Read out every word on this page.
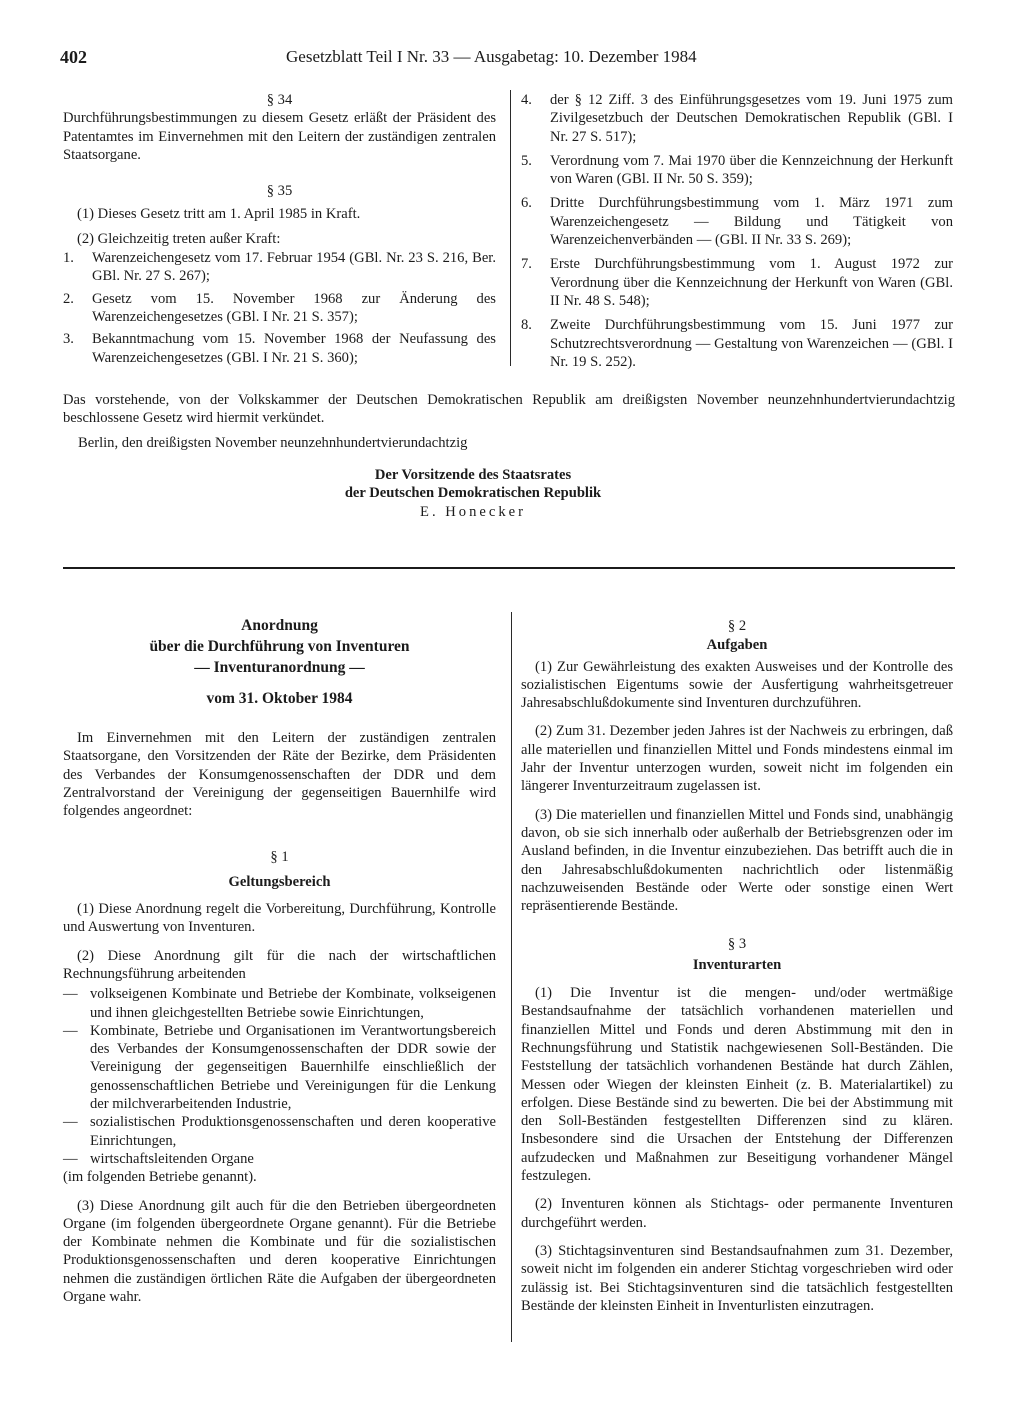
402	Gesetzblatt Teil I Nr. 33 — Ausgabetag: 10. Dezember 1984

§ 34

Durchführungsbestimmungen zu diesem Gesetz erläßt der Präsident des Patentamtes im Einvernehmen mit den Leitern der zuständigen zentralen Staatsorgane.

§ 35

(1) Dieses Gesetz tritt am 1. April 1985 in Kraft.

(2) Gleichzeitig treten außer Kraft:

1. Warenzeichengesetz vom 17. Februar 1954 (GBl. Nr. 23 S. 216, Ber. GBl. Nr. 27 S. 267);
2. Gesetz vom 15. November 1968 zur Änderung des Warenzeichengesetzes (GBl. I Nr. 21 S. 357);
3. Bekanntmachung vom 15. November 1968 der Neufassung des Warenzeichengesetzes (GBl. I Nr. 21 S. 360);
4. der § 12 Ziff. 3 des Einführungsgesetzes vom 19. Juni 1975 zum Zivilgesetzbuch der Deutschen Demokratischen Republik (GBl. I Nr. 27 S. 517);
5. Verordnung vom 7. Mai 1970 über die Kennzeichnung der Herkunft von Waren (GBl. II Nr. 50 S. 359);
6. Dritte Durchführungsbestimmung vom 1. März 1971 zum Warenzeichengesetz — Bildung und Tätigkeit von Warenzeichenverbänden — (GBl. II Nr. 33 S. 269);
7. Erste Durchführungsbestimmung vom 1. August 1972 zur Verordnung über die Kennzeichnung der Herkunft von Waren (GBl. II Nr. 48 S. 548);
8. Zweite Durchführungsbestimmung vom 15. Juni 1977 zur Schutzrechtsverordnung — Gestaltung von Warenzeichen — (GBl. I Nr. 19 S. 252).

Das vorstehende, von der Volkskammer der Deutschen Demokratischen Republik am dreißigsten November neunzehnhundertvierundachtzig beschlossene Gesetz wird hiermit verkündet.

Berlin, den dreißigsten November neunzehnhundertvierundachtzig

Der Vorsitzende des Staatsrates

der Deutschen Demokratischen Republik

E. Honecker

Anordnung

über die Durchführung von Inventuren

— Inventuranordnung —

vom 31. Oktober 1984

Im Einvernehmen mit den Leitern der zuständigen zentralen Staatsorgane, den Vorsitzenden der Räte der Bezirke, dem Präsidenten des Verbandes der Konsumgenossenschaften der DDR und dem Zentralvorstand der Vereinigung der gegenseitigen Bauernhilfe wird folgendes angeordnet:

§ 1

Geltungsbereich

(1) Diese Anordnung regelt die Vorbereitung, Durchführung, Kontrolle und Auswertung von Inventuren.

(2) Diese Anordnung gilt für die nach der wirtschaftlichen Rechnungsführung arbeitenden

— volkseigenen Kombinate und Betriebe der Kombinate, volkseigenen und ihnen gleichgestellten Betriebe sowie Einrichtungen,
— Kombinate, Betriebe und Organisationen im Verantwortungsbereich des Verbandes der Konsumgenossenschaften der DDR sowie der Vereinigung der gegenseitigen Bauernhilfe einschließlich der genossenschaftlichen Betriebe und Vereinigungen für die Lenkung der milchverarbeitenden Industrie,
— sozialistischen Produktionsgenossenschaften und deren kooperative Einrichtungen,
— wirtschaftsleitenden Organe

(im folgenden Betriebe genannt).

(3) Diese Anordnung gilt auch für die den Betrieben übergeordneten Organe (im folgenden übergeordnete Organe genannt). Für die Betriebe der Kombinate nehmen die Kombinate und für die sozialistischen Produktionsgenossenschaften und deren kooperative Einrichtungen nehmen die zuständigen örtlichen Räte die Aufgaben der übergeordneten Organe wahr.

§ 2

Aufgaben

(1) Zur Gewährleistung des exakten Ausweises und der Kontrolle des sozialistischen Eigentums sowie der Ausfertigung wahrheitsgetreuer Jahresabschlußdokumente sind Inventuren durchzuführen.

(2) Zum 31. Dezember jeden Jahres ist der Nachweis zu erbringen, daß alle materiellen und finanziellen Mittel und Fonds mindestens einmal im Jahr der Inventur unterzogen wurden, soweit nicht im folgenden ein längerer Inventurzeitraum zugelassen ist.

(3) Die materiellen und finanziellen Mittel und Fonds sind, unabhängig davon, ob sie sich innerhalb oder außerhalb der Betriebsgrenzen oder im Ausland befinden, in die Inventur einzubeziehen. Das betrifft auch die in den Jahresabschlußdokumenten nachrichtlich oder listenmäßig nachzuweisenden Bestände oder Werte oder sonstige einen Wert repräsentierende Bestände.

§ 3

Inventurarten

(1) Die Inventur ist die mengen- und/oder wertmäßige Bestandsaufnahme der tatsächlich vorhandenen materiellen und finanziellen Mittel und Fonds und deren Abstimmung mit den in Rechnungsführung und Statistik nachgewiesenen Soll-Beständen. Die Feststellung der tatsächlich vorhandenen Bestände hat durch Zählen, Messen oder Wiegen der kleinsten Einheit (z. B. Materialartikel) zu erfolgen. Diese Bestände sind zu bewerten. Die bei der Abstimmung mit den Soll-Beständen festgestellten Differenzen sind zu klären. Insbesondere sind die Ursachen der Entstehung der Differenzen aufzudecken und Maßnahmen zur Beseitigung vorhandener Mängel festzulegen.

(2) Inventuren können als Stichtags- oder permanente Inventuren durchgeführt werden.

(3) Stichtagsinventuren sind Bestandsaufnahmen zum 31. Dezember, soweit nicht im folgenden ein anderer Stichtag vorgeschrieben wird oder zulässig ist. Bei Stichtagsinventuren sind die tatsächlich festgestellten Bestände der kleinsten Einheit in Inventurlisten einzutragen.
